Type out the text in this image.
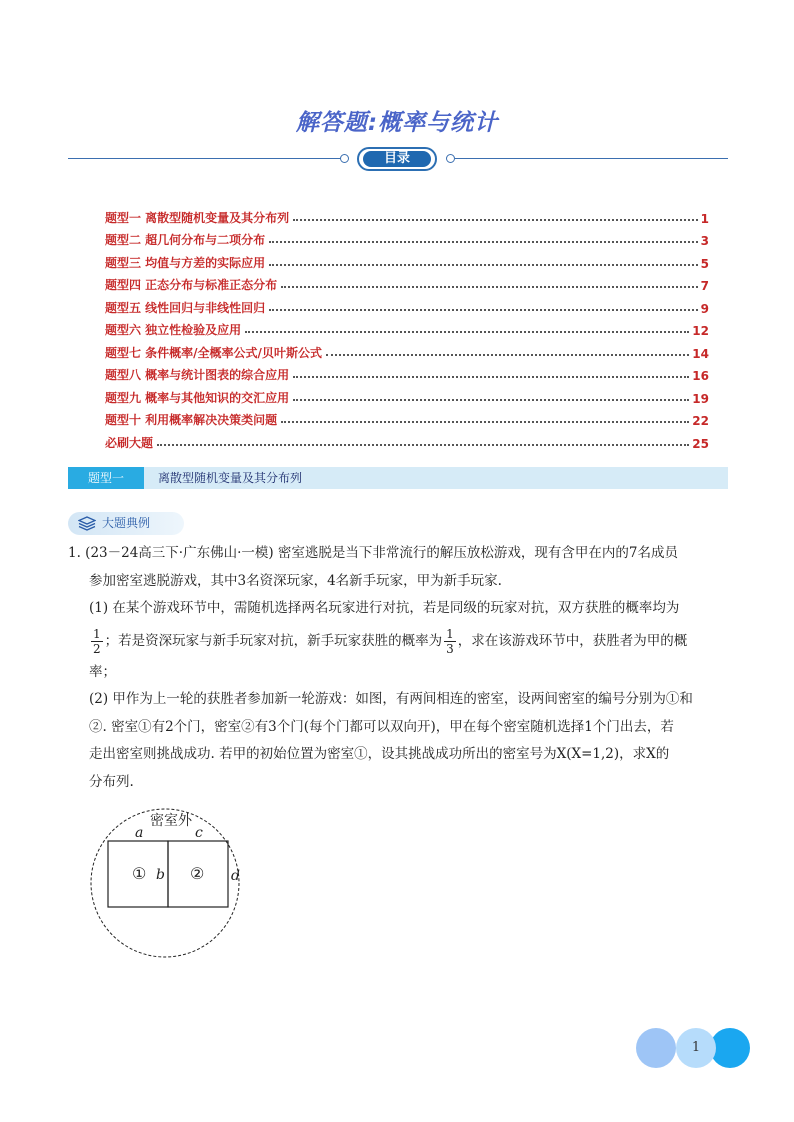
解答题:概率与统计
目录
题型一 离散型随机变量及其分布列	1
题型二 超几何分布与二项分布	3
题型三 均值与方差的实际应用	5
题型四 正态分布与标准正态分布	7
题型五 线性回归与非线性回归	9
题型六 独立性检验及应用	12
题型七 条件概率/全概率公式/贝叶斯公式	14
题型八 概率与统计图表的综合应用	16
题型九 概率与其他知识的交汇应用	19
题型十 利用概率解决决策类问题	22
必刷大题	25
题型一	离散型随机变量及其分布列
大题典例

1. (23－24高三下·广东佛山·一模) 密室逃脱是当下非常流行的解压放松游戏，现有含甲在内的7名成员

参加密室逃脱游戏，其中3名资深玩家，4名新手玩家，甲为新手玩家.

(1) 在某个游戏环节中，需随机选择两名玩家进行对抗，若是同级的玩家对抗，双方获胜的概率均为

$\frac{1}{2}$ ；若是资深玩家与新手玩家对抗，新手玩家获胜的概率为 $\frac{1}{3}$ ，求在该游戏环节中，获胜者为甲的概

率；

(2) 甲作为上一轮的获胜者参加新一轮游戏：如图，有两间相连的密室，设两间密室的编号分别为①和

②. 密室①有2个门，密室②有3个门(每个门都可以双向开)，甲在每个密室随机选择1个门出去，若

走出密室则挑战成功. 若甲的初始位置为密室①，设其挑战成功所出的密室号为X(X=1,2)，求X的

分布列.

密室外
a	c
① b ② d
1
